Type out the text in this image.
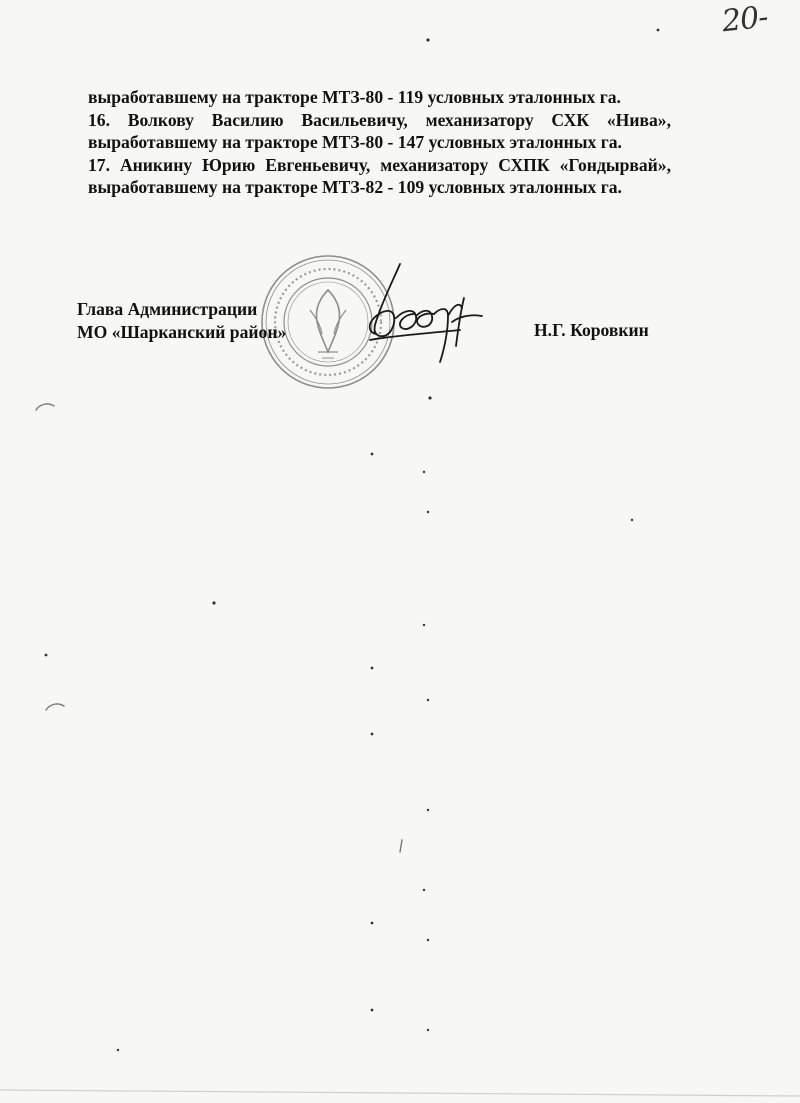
20-
выработавшему на тракторе МТЗ-80 - 119 условных эталонных га.
16. Волкову Василию Васильевичу, механизатору СХК «Нива»,
выработавшему на тракторе МТЗ-80 - 147 условных эталонных га.
17. Аникину Юрию Евгеньевичу, механизатору СХПК «Гондырвай»,
выработавшему на тракторе МТЗ-82 - 109 условных эталонных га.
Глава Администрации
МО «Шарканский район»	Н.Г. Коровкин
